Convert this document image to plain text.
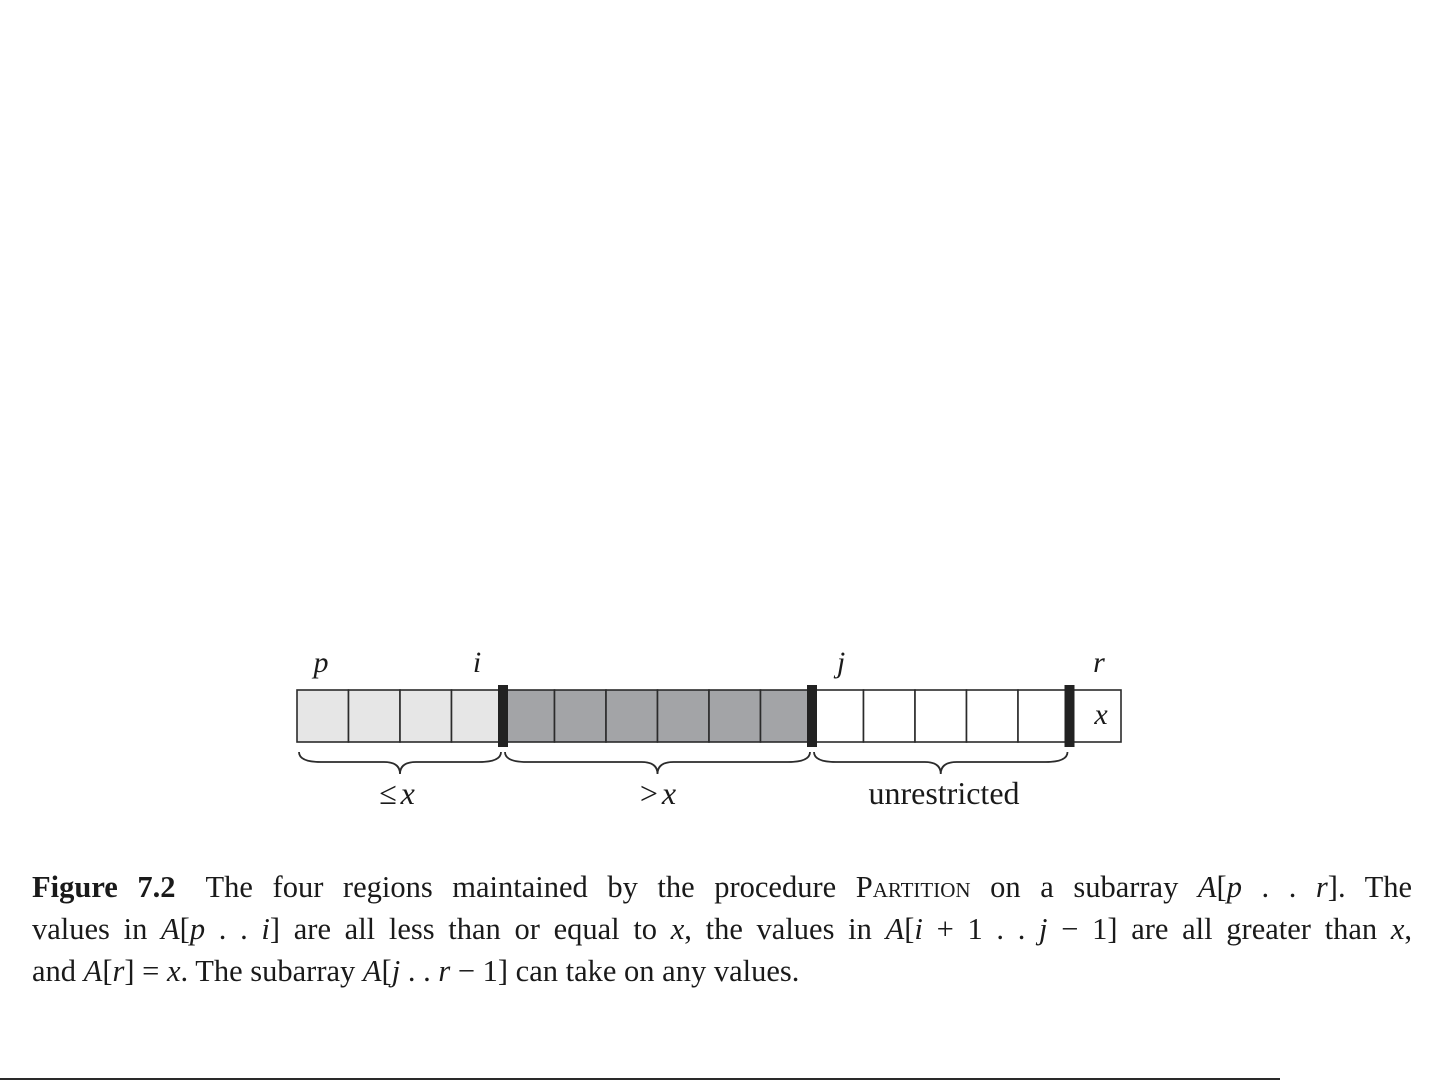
p	i	j	r
x
≤ x	> x	unrestricted
Figure 7.2 The four regions maintained by the procedure Partition on a subarray A[p . . r]. The
values in A[p . . i] are all less than or equal to x, the values in A[i + 1 . . j − 1] are all greater than x,
and A[r] = x. The subarray A[j . . r − 1] can take on any values.
